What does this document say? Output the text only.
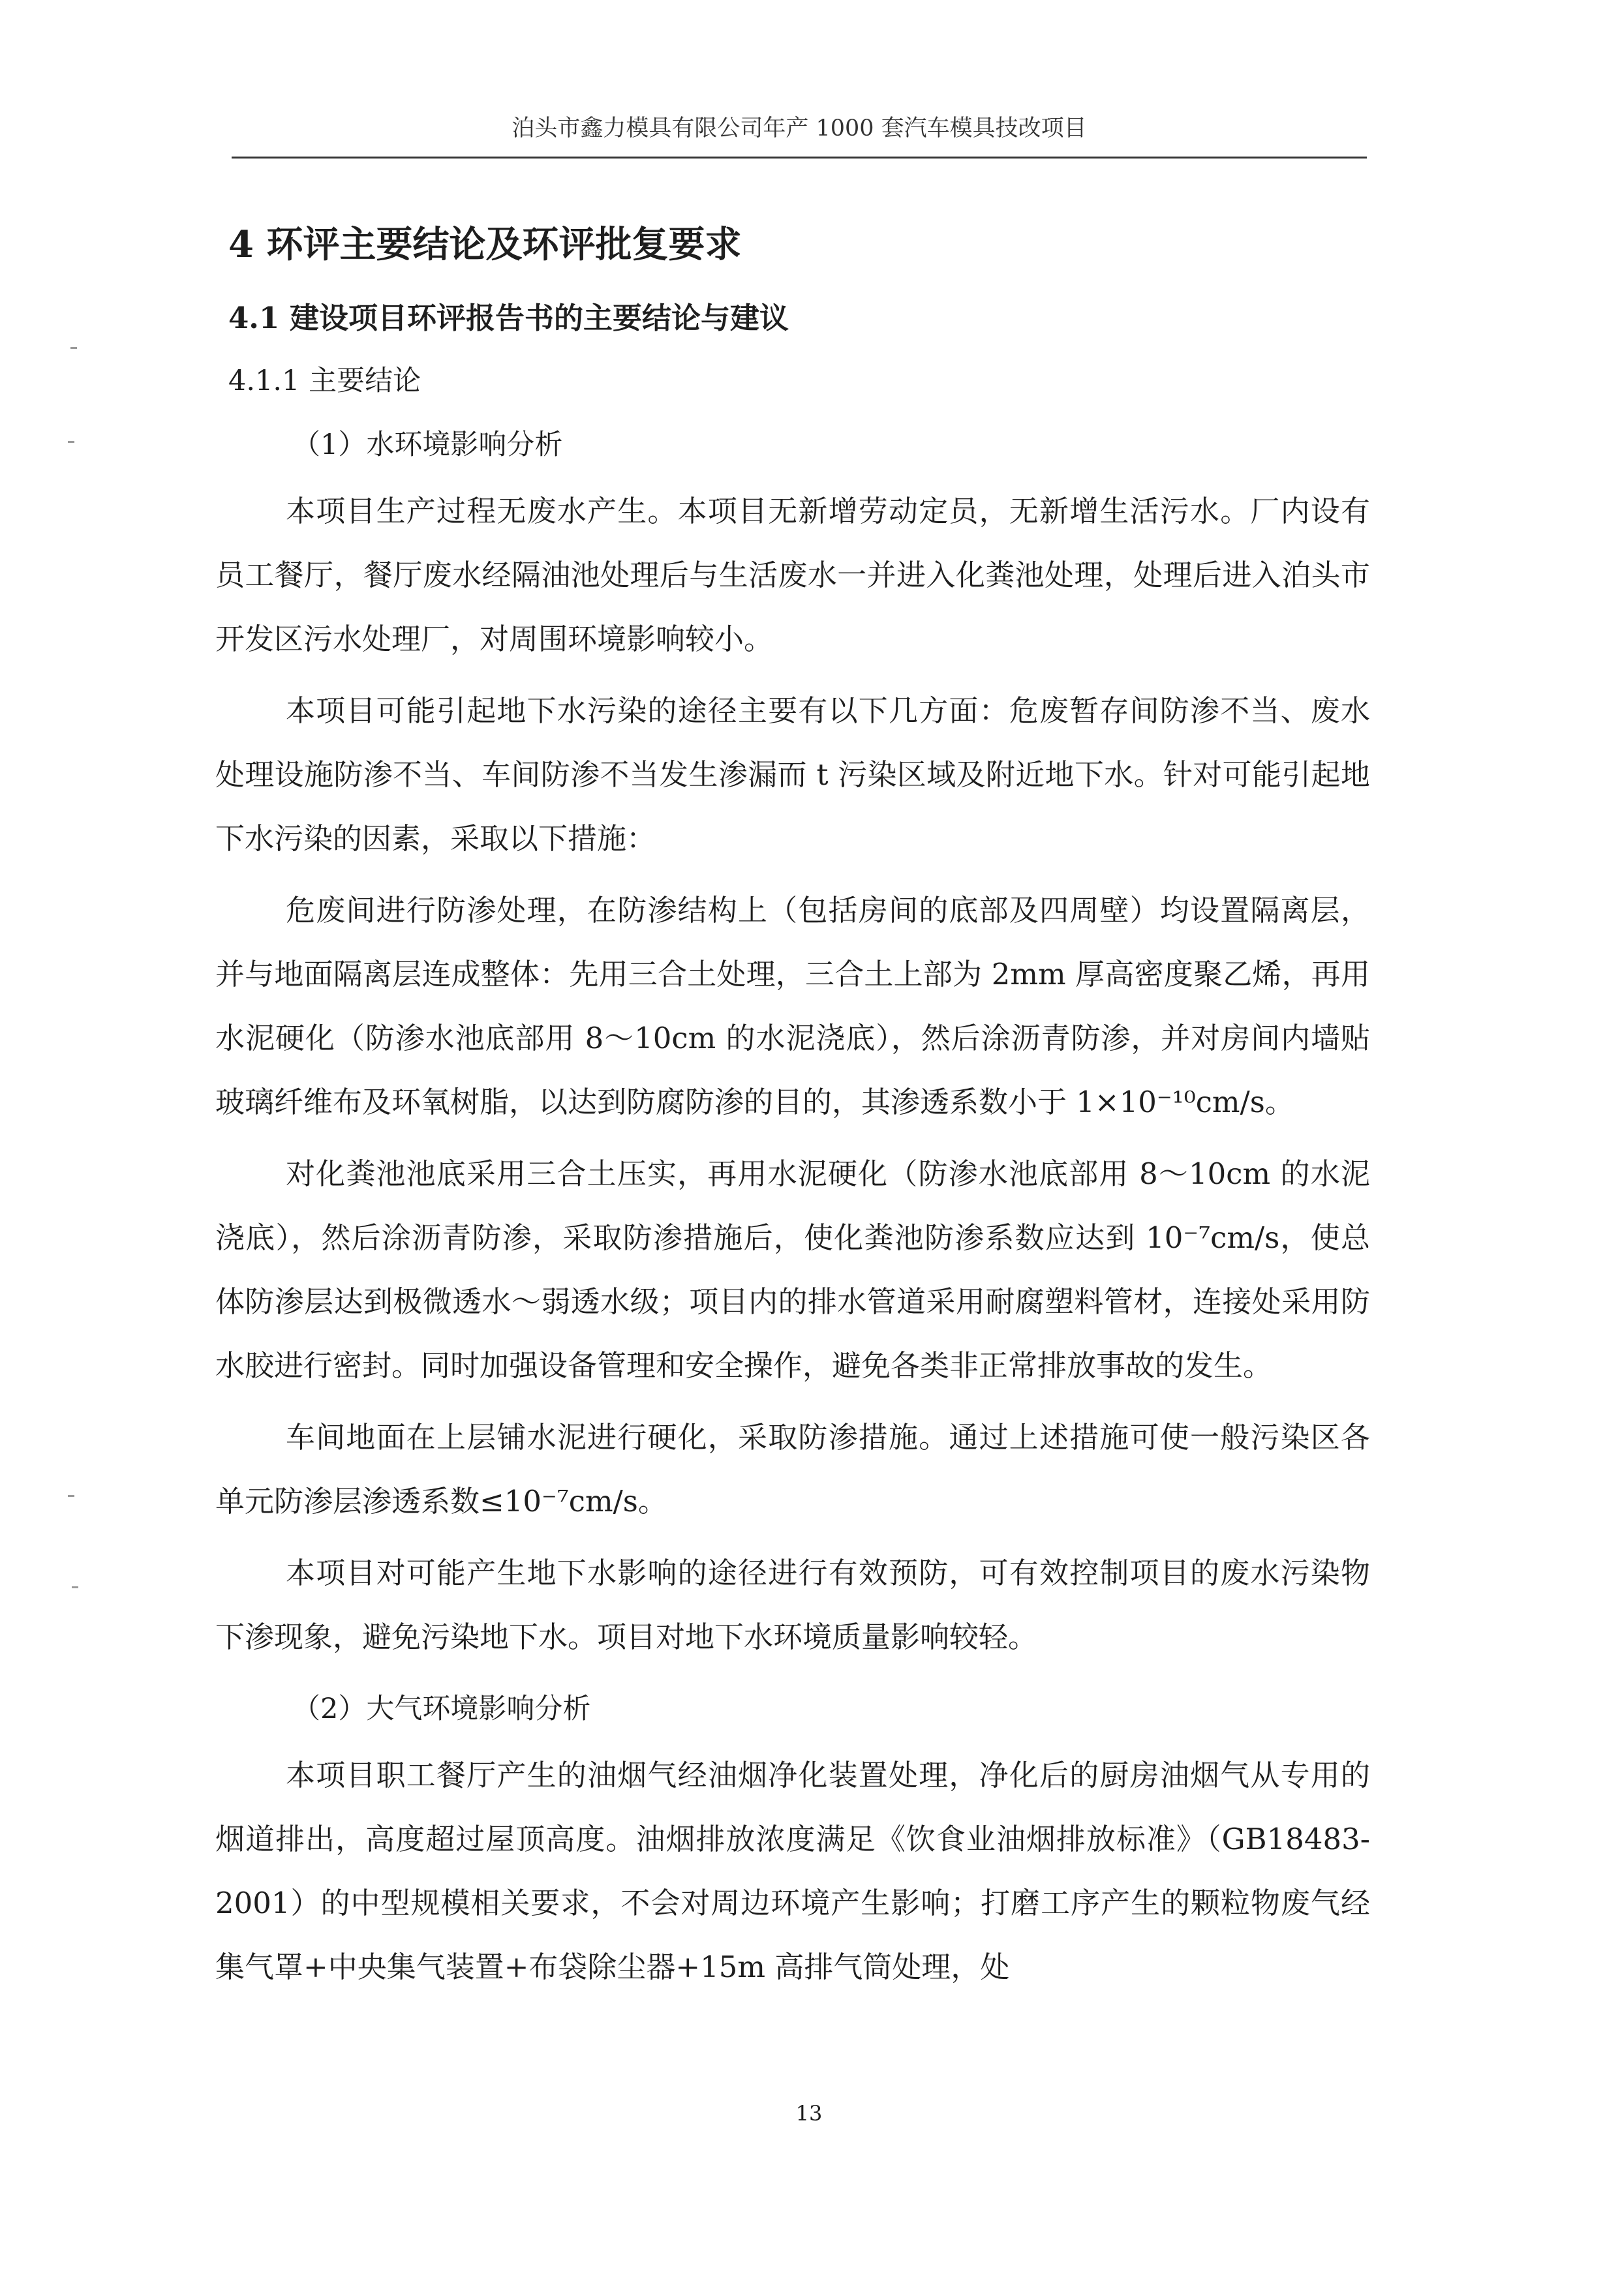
泊头市鑫力模具有限公司年产 1000 套汽车模具技改项目
4 环评主要结论及环评批复要求
4.1 建设项目环评报告书的主要结论与建议
4.1.1 主要结论
（1）水环境影响分析

本项目生产过程无废水产生。本项目无新增劳动定员，无新增生活污水。厂内设有员工餐厅，餐厅废水经隔油池处理后与生活废水一并进入化粪池处理，处理后进入泊头市开发区污水处理厂，对周围环境影响较小。

本项目可能引起地下水污染的途径主要有以下几方面：危废暂存间防渗不当、废水处理设施防渗不当、车间防渗不当发生渗漏而 t 污染区域及附近地下水。针对可能引起地下水污染的因素，采取以下措施：

危废间进行防渗处理，在防渗结构上（包括房间的底部及四周壁）均设置隔离层，并与地面隔离层连成整体：先用三合土处理，三合土上部为 2mm 厚高密度聚乙烯，再用水泥硬化（防渗水池底部用 8～10cm 的水泥浇底），然后涂沥青防渗，并对房间内墙贴玻璃纤维布及环氧树脂，以达到防腐防渗的目的，其渗透系数小于 1×10⁻¹⁰cm/s。

对化粪池池底采用三合土压实，再用水泥硬化（防渗水池底部用 8～10cm 的水泥浇底），然后涂沥青防渗，采取防渗措施后，使化粪池防渗系数应达到 10⁻⁷cm/s，使总体防渗层达到极微透水～弱透水级；项目内的排水管道采用耐腐塑料管材，连接处采用防水胶进行密封。同时加强设备管理和安全操作，避免各类非正常排放事故的发生。

车间地面在上层铺水泥进行硬化，采取防渗措施。通过上述措施可使一般污染区各单元防渗层渗透系数≤10⁻⁷cm/s。

本项目对可能产生地下水影响的途径进行有效预防，可有效控制项目的废水污染物下渗现象，避免污染地下水。项目对地下水环境质量影响较轻。

（2）大气环境影响分析

本项目职工餐厅产生的油烟气经油烟净化装置处理，净化后的厨房油烟气从专用的烟道排出，高度超过屋顶高度。油烟排放浓度满足《饮食业油烟排放标准》（GB18483-2001）的中型规模相关要求，不会对周边环境产生影响；打磨工序产生的颗粒物废气经集气罩+中央集气装置+布袋除尘器+15m 高排气筒处理，处

13
